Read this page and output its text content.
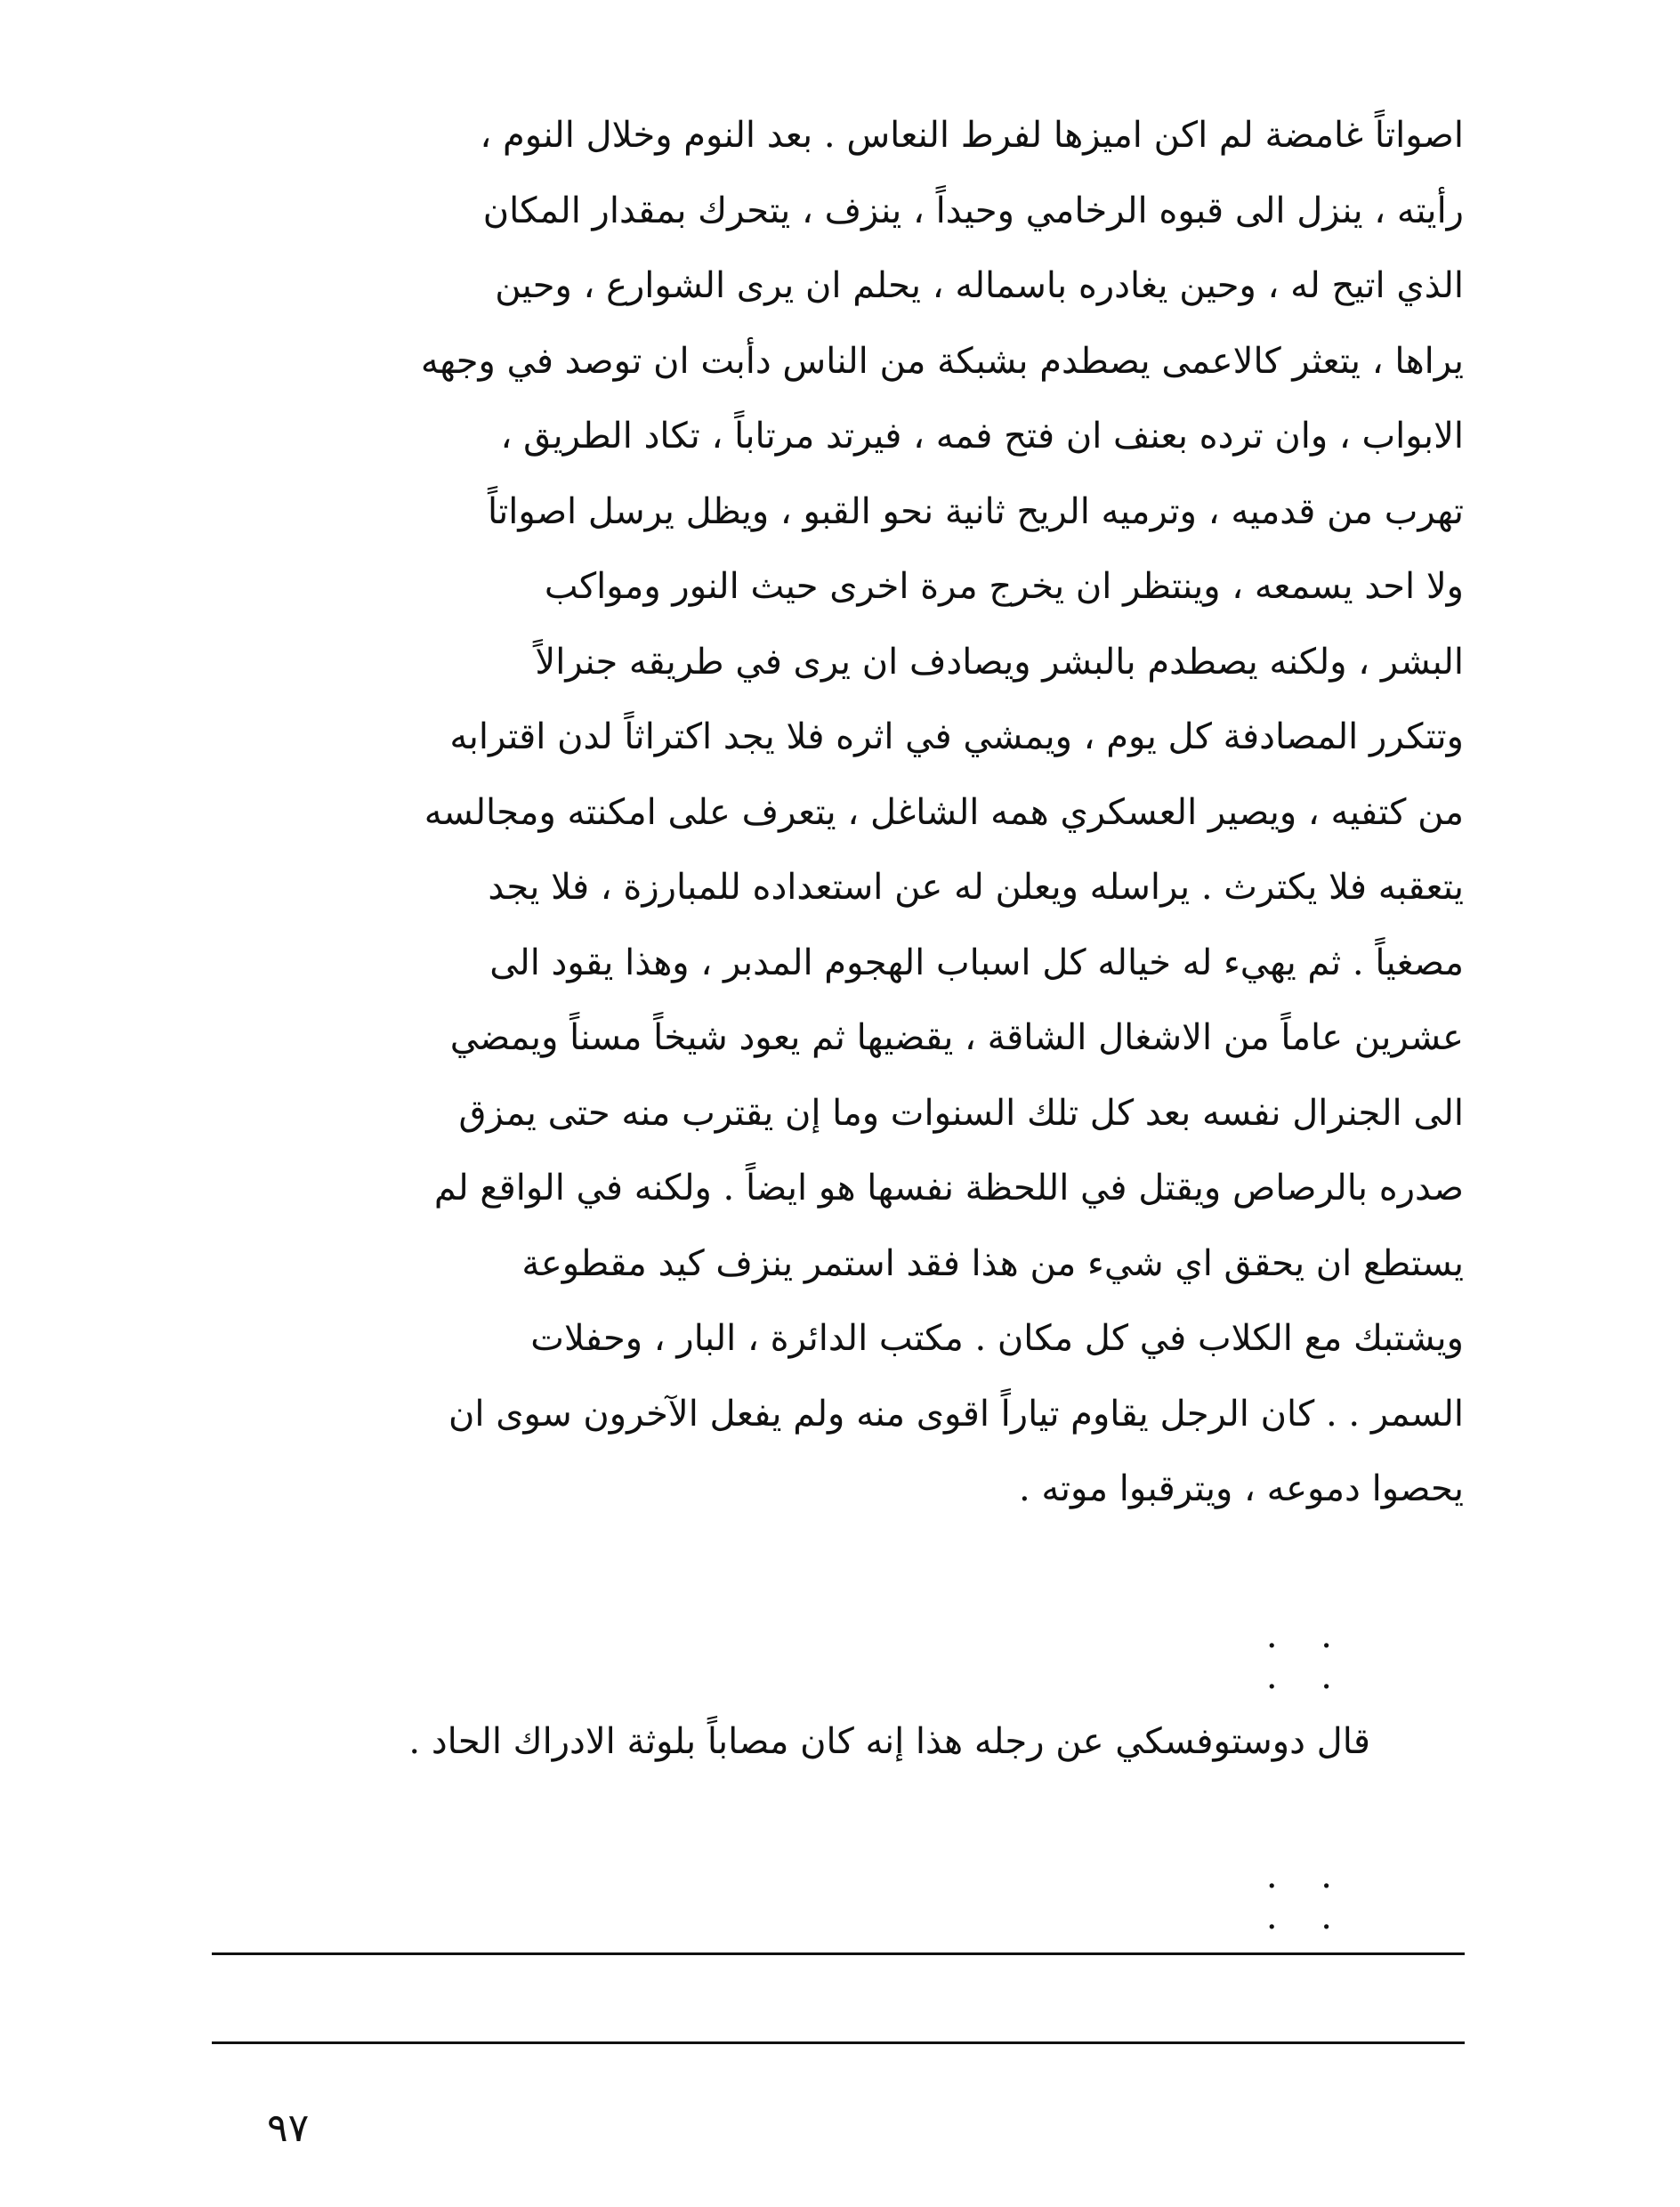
اصواتاً غامضة لم اكن اميزها لفرط النعاس . بعد النوم وخلال النوم ،
رأيته ، ينزل الى قبوه الرخامي وحيداً ، ينزف ، يتحرك بمقدار المكان
الذي اتيح له ، وحين يغادره باسماله ، يحلم ان يرى الشوارع ، وحين
يراها ، يتعثر كالاعمى يصطدم بشبكة من الناس دأبت ان توصد في وجهه
الابواب ، وان ترده بعنف ان فتح فمه ، فيرتد مرتاباً ، تكاد الطريق ،
تهرب من قدميه ، وترميه الريح ثانية نحو القبو ، ويظل يرسل اصواتاً
ولا احد يسمعه ، وينتظر ان يخرج مرة اخرى حيث النور ومواكب
البشر ، ولكنه يصطدم بالبشر ويصادف ان يرى في طريقه جنرالاً
وتتكرر المصادفة كل يوم ، ويمشي في اثره فلا يجد اكتراثاً لدن اقترابه
من كتفيه ، ويصير العسكري همه الشاغل ، يتعرف على امكنته ومجالسه
يتعقبه فلا يكترث . يراسله ويعلن له عن استعداده للمبارزة ، فلا يجد
مصغياً . ثم يهيء له خياله كل اسباب الهجوم المدبر ، وهذا يقود الى
عشرين عاماً من الاشغال الشاقة ، يقضيها ثم يعود شيخاً مسناً ويمضي
الى الجنرال نفسه بعد كل تلك السنوات وما إن يقترب منه حتى يمزق
صدره بالرصاص ويقتل في اللحظة نفسها هو ايضاً . ولكنه في الواقع لم
يستطع ان يحقق اي شيء من هذا فقد استمر ينزف كيد مقطوعة
ويشتبك مع الكلاب في كل مكان . مكتب الدائرة ، البار ، وحفلات
السمر . . كان الرجل يقاوم تياراً اقوى منه ولم يفعل الآخرون سوى ان
يحصوا دموعه ، ويترقبوا موته .
. . . .
قال دوستوفسكي عن رجله هذا إنه كان مصاباً بلوثة الادراك الحاد .
. . . .
٩٧
